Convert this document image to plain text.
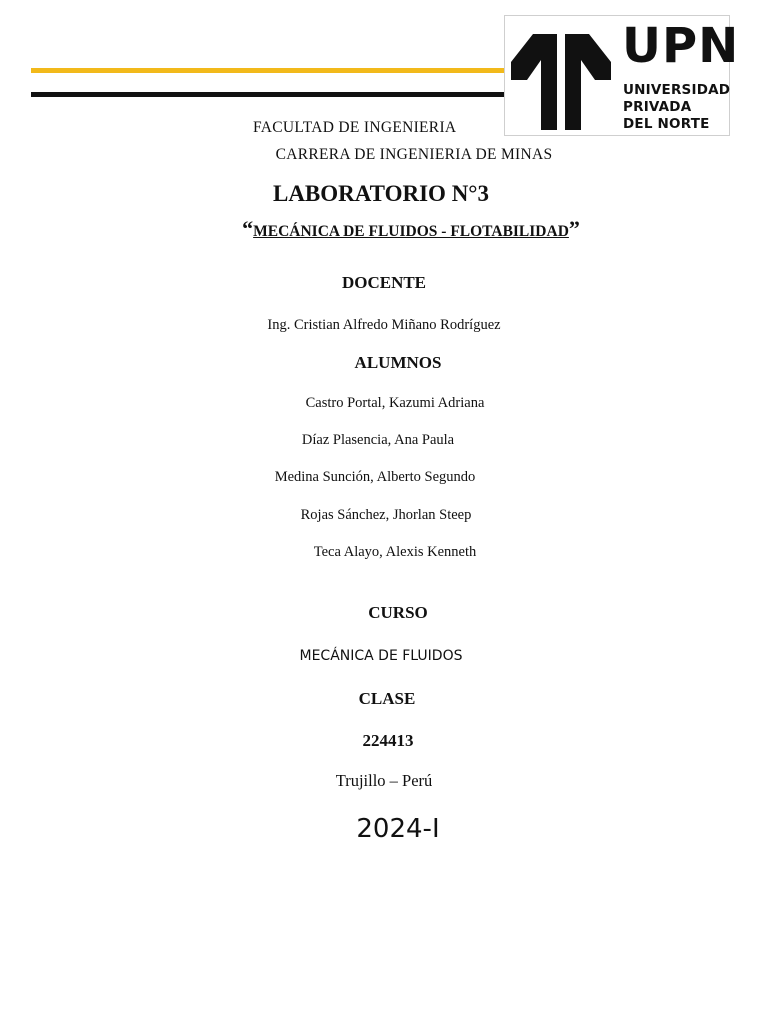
UPN
UNIVERSIDAD
PRIVADA
DEL NORTE
FACULTAD DE INGENIERIA
CARRERA DE INGENIERIA DE MINAS
LABORATORIO N°3
“MECÁNICA DE FLUIDOS - FLOTABILIDAD”
DOCENTE
Ing. Cristian Alfredo Miñano Rodríguez
ALUMNOS
Castro Portal, Kazumi Adriana
Díaz Plasencia, Ana Paula
Medina Sunción, Alberto Segundo
Rojas Sánchez, Jhorlan Steep
Teca Alayo, Alexis Kenneth
CURSO
MECÁNICA DE FLUIDOS
CLASE
224413
Trujillo – Perú
2024-I
